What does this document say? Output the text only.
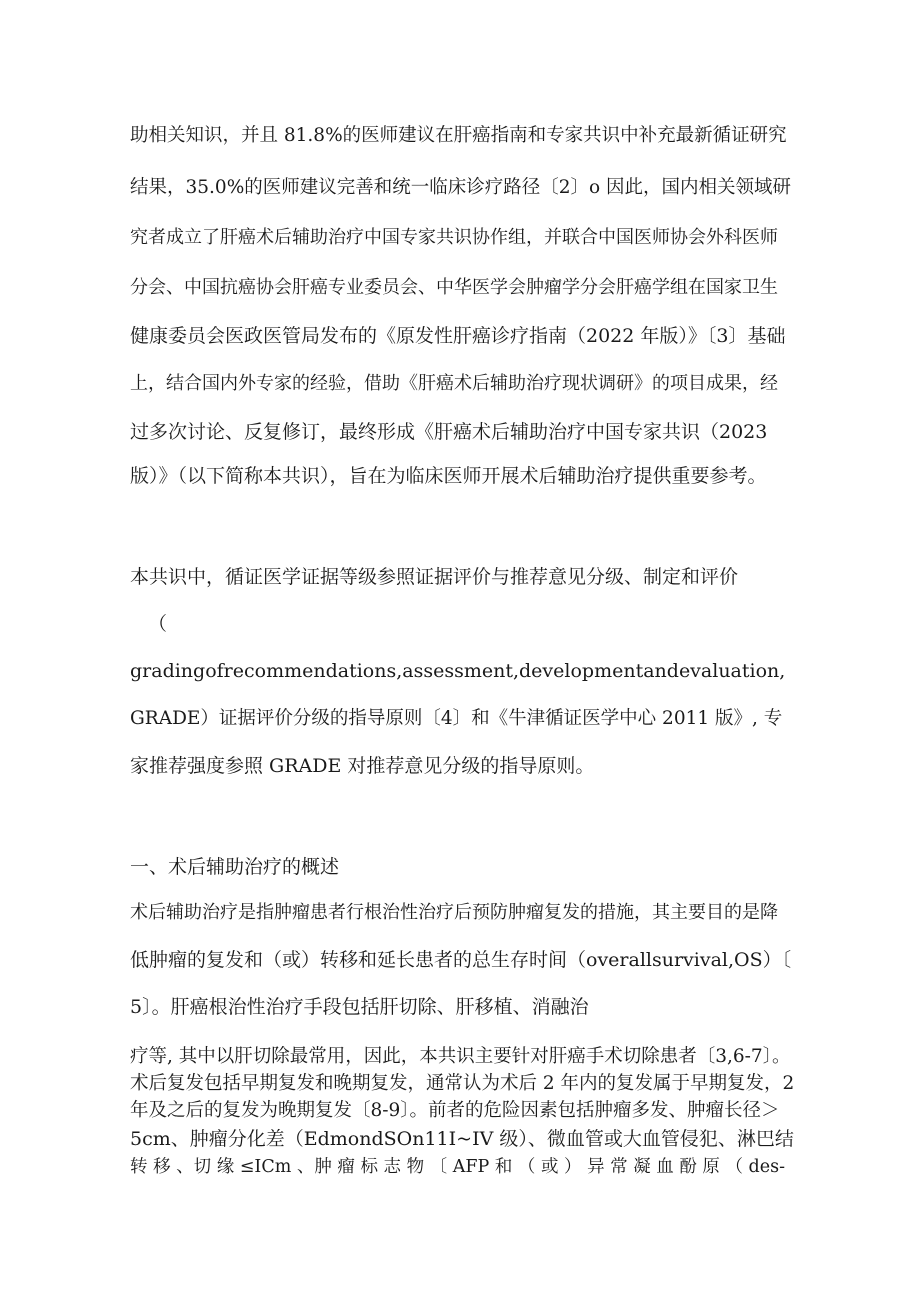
助相关知识，并且 81.8%的医师建议在肝癌指南和专家共识中补充最新循证研究

结果，35.0%的医师建议完善和统一临床诊疗路径〔2〕o 因此，国内相关领域研

究者成立了肝癌术后辅助治疗中国专家共识协作组，并联合中国医师协会外科医师

分会、中国抗癌协会肝癌专业委员会、中华医学会肿瘤学分会肝癌学组在国家卫生

健康委员会医政医管局发布的《原发性肝癌诊疗指南（2022 年版）》〔3〕基础

上，结合国内外专家的经验，借助《肝癌术后辅助治疗现状调研》的项目成果，经

过多次讨论、反复修订，最终形成《肝癌术后辅助治疗中国专家共识（2023

版）》（以下简称本共识），旨在为临床医师开展术后辅助治疗提供重要参考。

本共识中，循证医学证据等级参照证据评价与推荐意见分级、制定和评价

（

gradingofrecommendations,assessment,developmentandevaluation,

GRADE）证据评价分级的指导原则〔4〕和《牛津循证医学中心 2011 版》, 专

家推荐强度参照 GRADE 对推荐意见分级的指导原则。

一、术后辅助治疗的概述

术后辅助治疗是指肿瘤患者行根治性治疗后预防肿瘤复发的措施，其主要目的是降

低肿瘤的复发和（或）转移和延长患者的总生存时间（overallsurvival,OS）〔

5〕。肝癌根治性治疗手段包括肝切除、肝移植、消融治

疗等, 其中以肝切除最常用，因此，本共识主要针对肝癌手术切除患者〔3,6-7〕。

术后复发包括早期复发和晚期复发，通常认为术后 2 年内的复发属于早期复发，2

年及之后的复发为晚期复发〔8-9〕。前者的危险因素包括肿瘤多发、肿瘤长径＞

5cm、肿瘤分化差（EdmondSOn11I~IV 级）、微血管或大血管侵犯、淋巴结

转 移 、切 缘 ≤ICm 、肿 瘤 标 志 物 〔 AFP 和 （ 或 ） 异 常 凝 血 酚 原 （ des-
